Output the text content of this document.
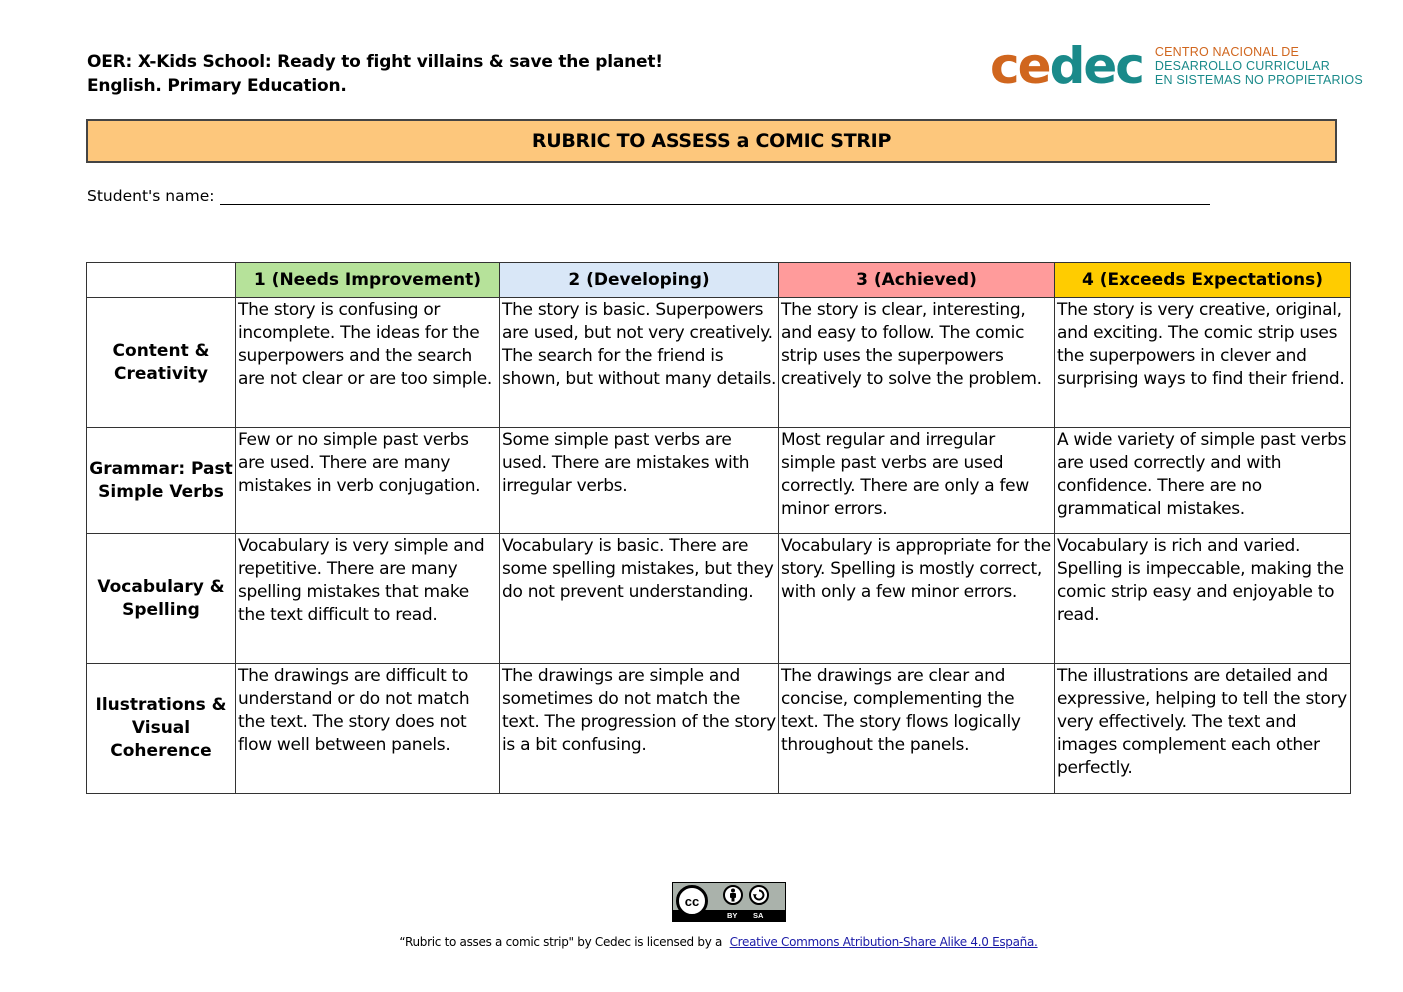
OER: X-Kids School: Ready to fight villains & save the planet!
English. Primary Education.	cedec CENTRO NACIONAL DE
DESARROLLO CURRICULAR
EN SISTEMAS NO PROPIETARIOS
RUBRIC TO ASSESS a COMIC STRIP
Student's name:
	1 (Needs Improvement)	2 (Developing)	3 (Achieved)	4 (Exceeds Expectations)
Content & Creativity	The story is confusing or incomplete. The ideas for the superpowers and the search are not clear or are too simple.	The story is basic. Superpowers are used, but not very creatively. The search for the friend is shown, but without many details.	The story is clear, interesting, and easy to follow. The comic strip uses the superpowers creatively to solve the problem.	The story is very creative, original, and exciting. The comic strip uses the superpowers in clever and surprising ways to find their friend.
Grammar: Past Simple Verbs	Few or no simple past verbs are used. There are many mistakes in verb conjugation.	Some simple past verbs are used. There are mistakes with irregular verbs.	Most regular and irregular simple past verbs are used correctly. There are only a few minor errors.	A wide variety of simple past verbs are used correctly and with confidence. There are no grammatical mistakes.
Vocabulary & Spelling	Vocabulary is very simple and repetitive. There are many spelling mistakes that make the text difficult to read.	Vocabulary is basic. There are some spelling mistakes, but they do not prevent understanding.	Vocabulary is appropriate for the story. Spelling is mostly correct, with only a few minor errors.	Vocabulary is rich and varied. Spelling is impeccable, making the comic strip easy and enjoyable to read.
Ilustrations & Visual Coherence	The drawings are difficult to understand or do not match the text. The story does not flow well between panels.	The drawings are simple and sometimes do not match the text. The progression of the story is a bit confusing.	The drawings are clear and concise, complementing the text. The story flows logically throughout the panels.	The illustrations are detailed and expressive, helping to tell the story very effectively. The text and images complement each other perfectly.
cc
BY SA
“Rubric to asses a comic strip" by Cedec is licensed by a Creative Commons Atribution-Share Alike 4.0 España.
